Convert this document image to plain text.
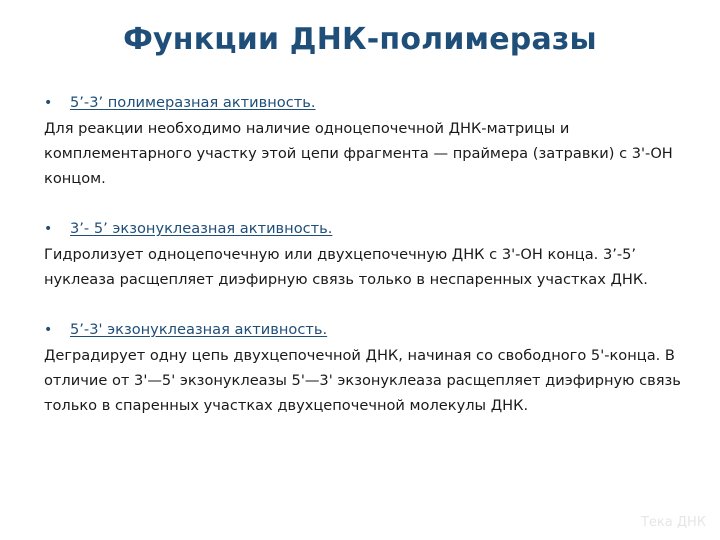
Функции ДНК-полимеразы
• 5’-3’ полимеразная активность.

Для реакции необходимо наличие одноцепочечной ДНК-матрицы и комплементарного участку этой цепи фрагмента — праймера (затравки) с 3'-ОН концом.

• 3’- 5’ экзонуклеазная активность.

Гидролизует одноцепочечную или двухцепочечную ДНК с 3'-ОН конца. 3’-5’ нуклеаза расщепляет диэфирную связь только в неспаренных участках ДНК.

• 5’-3' экзонуклеазная активность.

Деградирует одну цепь двухцепочечной ДНК, начиная со свободного 5'-конца. В отличие от 3'—5' экзонуклеазы 5'—3' экзонуклеаза расщепляет диэфирную связь только в спаренных участках двухцепочечной молекулы ДНК.

Тека ДНК
